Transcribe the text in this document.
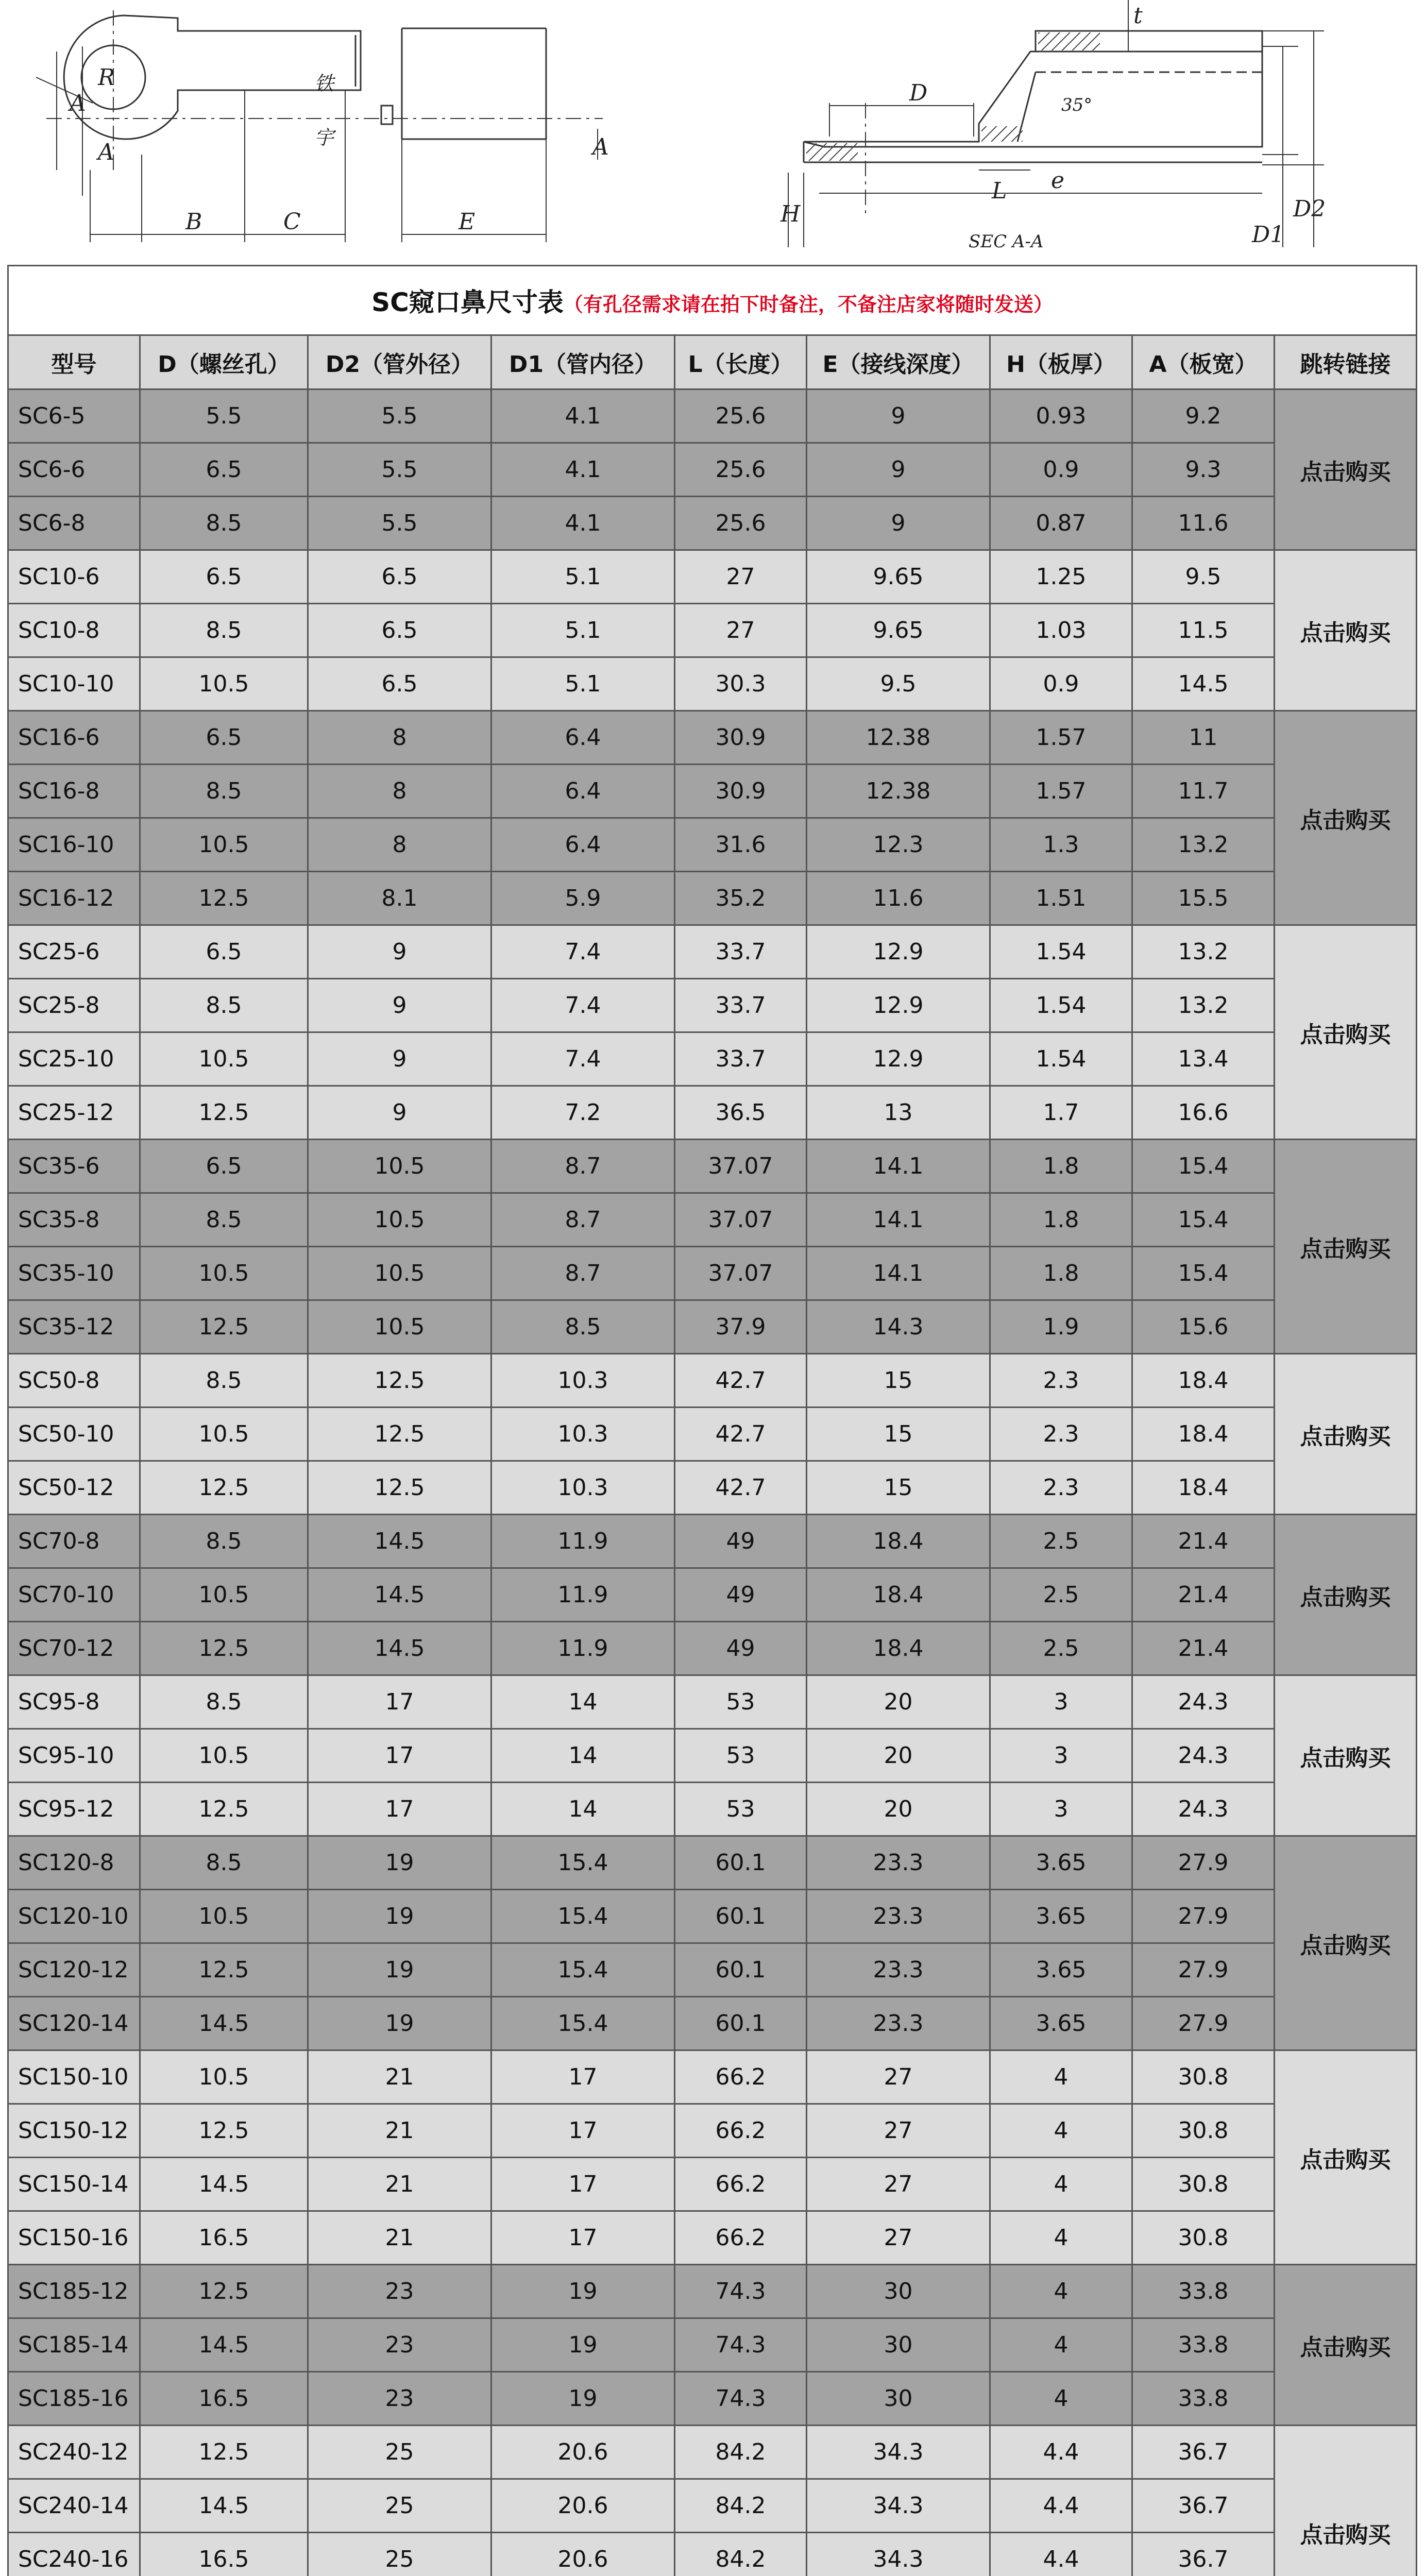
R
A
A	A
B	C	E
宇
铁	D
H
L e
t
D1
D2
SEC A-A
35°
SC窥口鼻尺寸表（有孔径需求请在拍下时备注，不备注店家将随时发送）								
型号	D（螺丝孔）	D2（管外径）	D1（管内径）	L（长度）	E（接线深度）	H（板厚）	A（板宽）	跳转链接
SC6-5	5.5	5.5	4.1	25.6	9	0.93	9.2	点击购买
SC6-6	6.5	5.5	4.1	25.6	9	0.9	9.3	
SC6-8	8.5	5.5	4.1	25.6	9	0.87	11.6	
SC10-6	6.5	6.5	5.1	27	9.65	1.25	9.5	点击购买
SC10-8	8.5	6.5	5.1	27	9.65	1.03	11.5	
SC10-10	10.5	6.5	5.1	30.3	9.5	0.9	14.5	
SC16-6	6.5	8	6.4	30.9	12.38	1.57	11	点击购买
SC16-8	8.5	8	6.4	30.9	12.38	1.57	11.7	
SC16-10	10.5	8	6.4	31.6	12.3	1.3	13.2	
SC16-12	12.5	8.1	5.9	35.2	11.6	1.51	15.5	
SC25-6	6.5	9	7.4	33.7	12.9	1.54	13.2	点击购买
SC25-8	8.5	9	7.4	33.7	12.9	1.54	13.2	
SC25-10	10.5	9	7.4	33.7	12.9	1.54	13.4	
SC25-12	12.5	9	7.2	36.5	13	1.7	16.6	
SC35-6	6.5	10.5	8.7	37.07	14.1	1.8	15.4	点击购买
SC35-8	8.5	10.5	8.7	37.07	14.1	1.8	15.4	
SC35-10	10.5	10.5	8.7	37.07	14.1	1.8	15.4	
SC35-12	12.5	10.5	8.5	37.9	14.3	1.9	15.6	
SC50-8	8.5	12.5	10.3	42.7	15	2.3	18.4	点击购买
SC50-10	10.5	12.5	10.3	42.7	15	2.3	18.4	
SC50-12	12.5	12.5	10.3	42.7	15	2.3	18.4	
SC70-8	8.5	14.5	11.9	49	18.4	2.5	21.4	点击购买
SC70-10	10.5	14.5	11.9	49	18.4	2.5	21.4	
SC70-12	12.5	14.5	11.9	49	18.4	2.5	21.4	
SC95-8	8.5	17	14	53	20	3	24.3	点击购买
SC95-10	10.5	17	14	53	20	3	24.3	
SC95-12	12.5	17	14	53	20	3	24.3	
SC120-8	8.5	19	15.4	60.1	23.3	3.65	27.9	点击购买
SC120-10	10.5	19	15.4	60.1	23.3	3.65	27.9	
SC120-12	12.5	19	15.4	60.1	23.3	3.65	27.9	
SC120-14	14.5	19	15.4	60.1	23.3	3.65	27.9	
SC150-10	10.5	21	17	66.2	27	4	30.8	点击购买
SC150-12	12.5	21	17	66.2	27	4	30.8	
SC150-14	14.5	21	17	66.2	27	4	30.8	
SC150-16	16.5	21	17	66.2	27	4	30.8	
SC185-12	12.5	23	19	74.3	30	4	33.8	点击购买
SC185-14	14.5	23	19	74.3	30	4	33.8	
SC185-16	16.5	23	19	74.3	30	4	33.8	
SC240-12	12.5	25	20.6	84.2	34.3	4.4	36.7	点击购买
SC240-14	14.5	25	20.6	84.2	34.3	4.4	36.7	
SC240-16	16.5	25	20.6	84.2	34.3	4.4	36.7	
